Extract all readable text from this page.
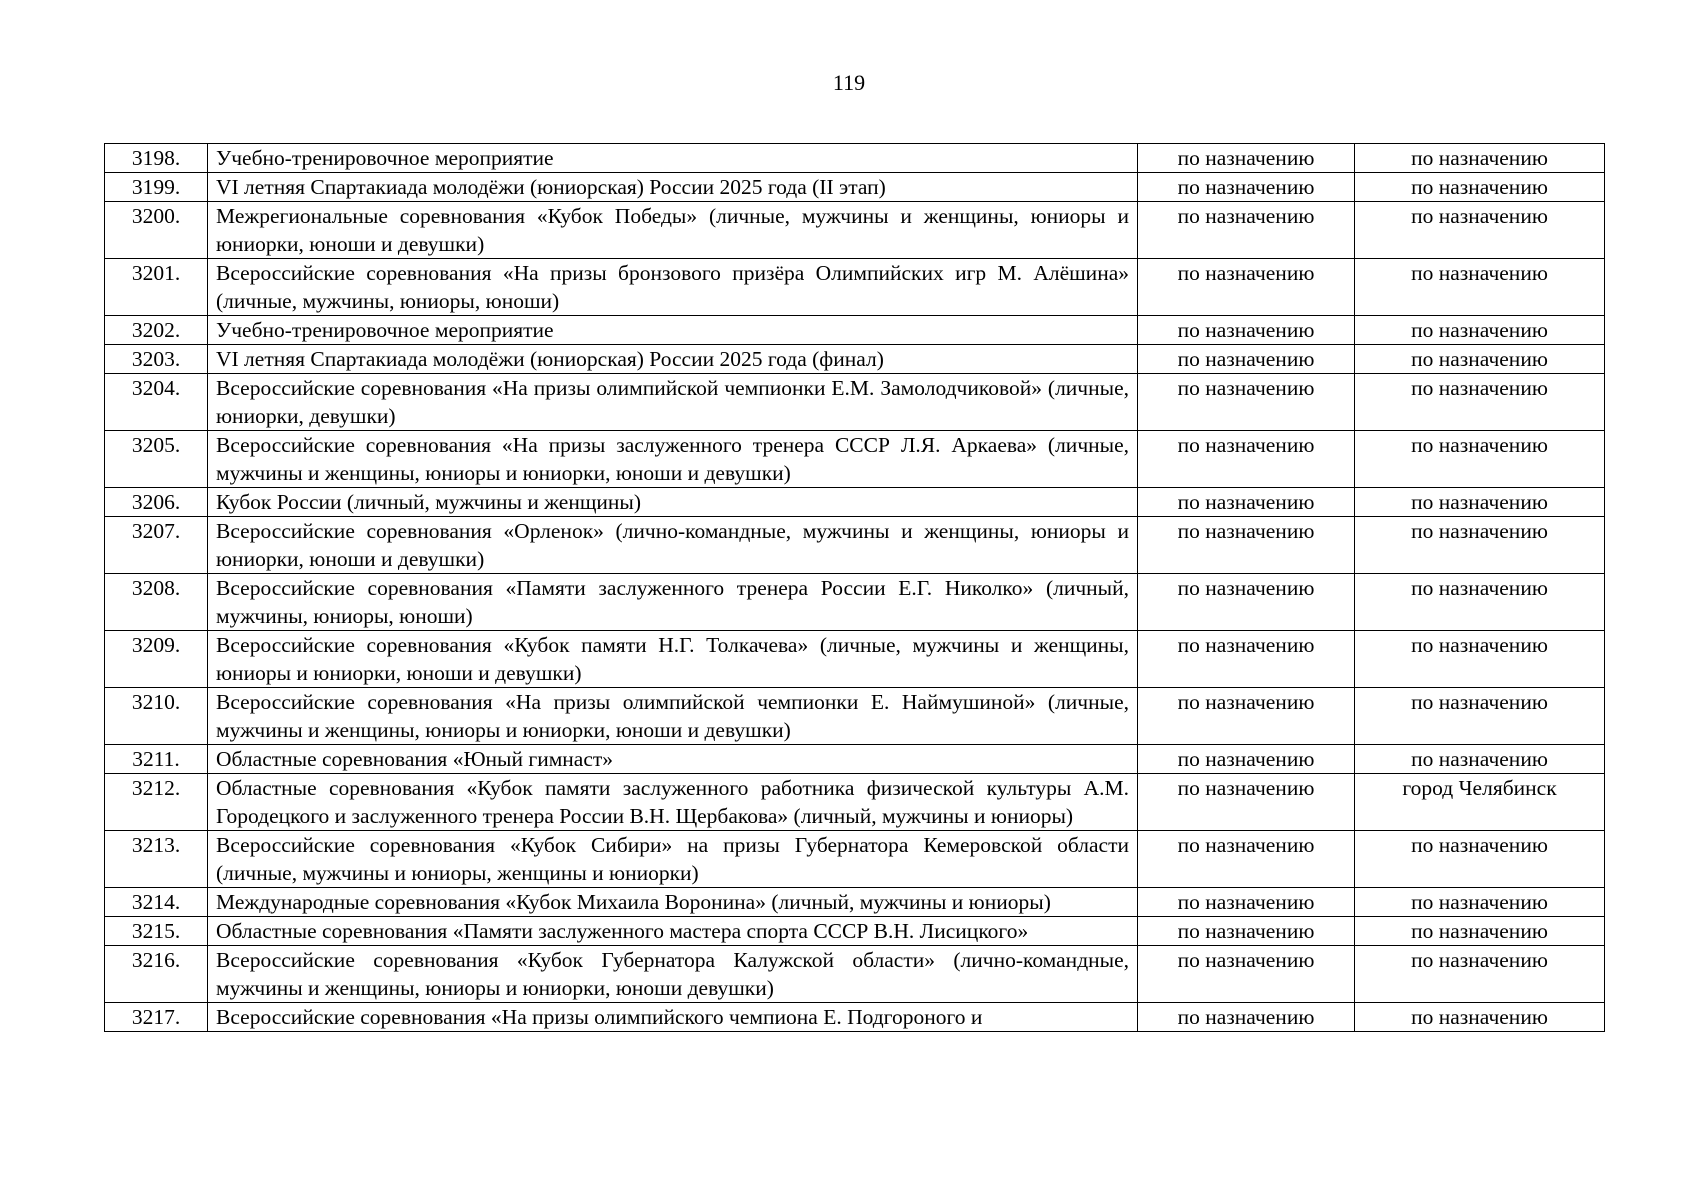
119
3198.	Учебно-тренировочное мероприятие	по назначению	по назначению
3199.	VI летняя Спартакиада молодёжи (юниорская) России 2025 года (II этап)	по назначению	по назначению
3200.	Межрегиональные соревнования «Кубок Победы» (личные, мужчины и женщины, юниоры и юниорки, юноши и девушки)	по назначению	по назначению
3201.	Всероссийские соревнования «На призы бронзового призёра Олимпийских игр М. Алёшина» (личные, мужчины, юниоры, юноши)	по назначению	по назначению
3202.	Учебно-тренировочное мероприятие	по назначению	по назначению
3203.	VI летняя Спартакиада молодёжи (юниорская) России 2025 года (финал)	по назначению	по назначению
3204.	Всероссийские соревнования «На призы олимпийской чемпионки Е.М. Замолодчиковой» (личные, юниорки, девушки)	по назначению	по назначению
3205.	Всероссийские соревнования «На призы заслуженного тренера СССР Л.Я. Аркаева» (личные, мужчины и женщины, юниоры и юниорки, юноши и девушки)	по назначению	по назначению
3206.	Кубок России (личный, мужчины и женщины)	по назначению	по назначению
3207.	Всероссийские соревнования «Орленок» (лично-командные, мужчины и женщины, юниоры и юниорки, юноши и девушки)	по назначению	по назначению
3208.	Всероссийские соревнования «Памяти заслуженного тренера России Е.Г. Николко» (личный, мужчины, юниоры, юноши)	по назначению	по назначению
3209.	Всероссийские соревнования «Кубок памяти Н.Г. Толкачева» (личные, мужчины и женщины, юниоры и юниорки, юноши и девушки)	по назначению	по назначению
3210.	Всероссийские соревнования «На призы олимпийской чемпионки Е. Наймушиной» (личные, мужчины и женщины, юниоры и юниорки, юноши и девушки)	по назначению	по назначению
3211.	Областные соревнования «Юный гимнаст»	по назначению	по назначению
3212.	Областные соревнования «Кубок памяти заслуженного работника физической культуры А.М. Городецкого и заслуженного тренера России В.Н. Щербакова» (личный, мужчины и юниоры)	по назначению	город Челябинск
3213.	Всероссийские соревнования «Кубок Сибири» на призы Губернатора Кемеровской области (личные, мужчины и юниоры, женщины и юниорки)	по назначению	по назначению
3214.	Международные соревнования «Кубок Михаила Воронина» (личный, мужчины и юниоры)	по назначению	по назначению
3215.	Областные соревнования «Памяти заслуженного мастера спорта СССР В.Н. Лисицкого»	по назначению	по назначению
3216.	Всероссийские соревнования «Кубок Губернатора Калужской области» (лично-командные, мужчины и женщины, юниоры и юниорки, юноши девушки)	по назначению	по назначению
3217.	Всероссийские соревнования «На призы олимпийского чемпиона Е. Подгороного и	по назначению	по назначению
